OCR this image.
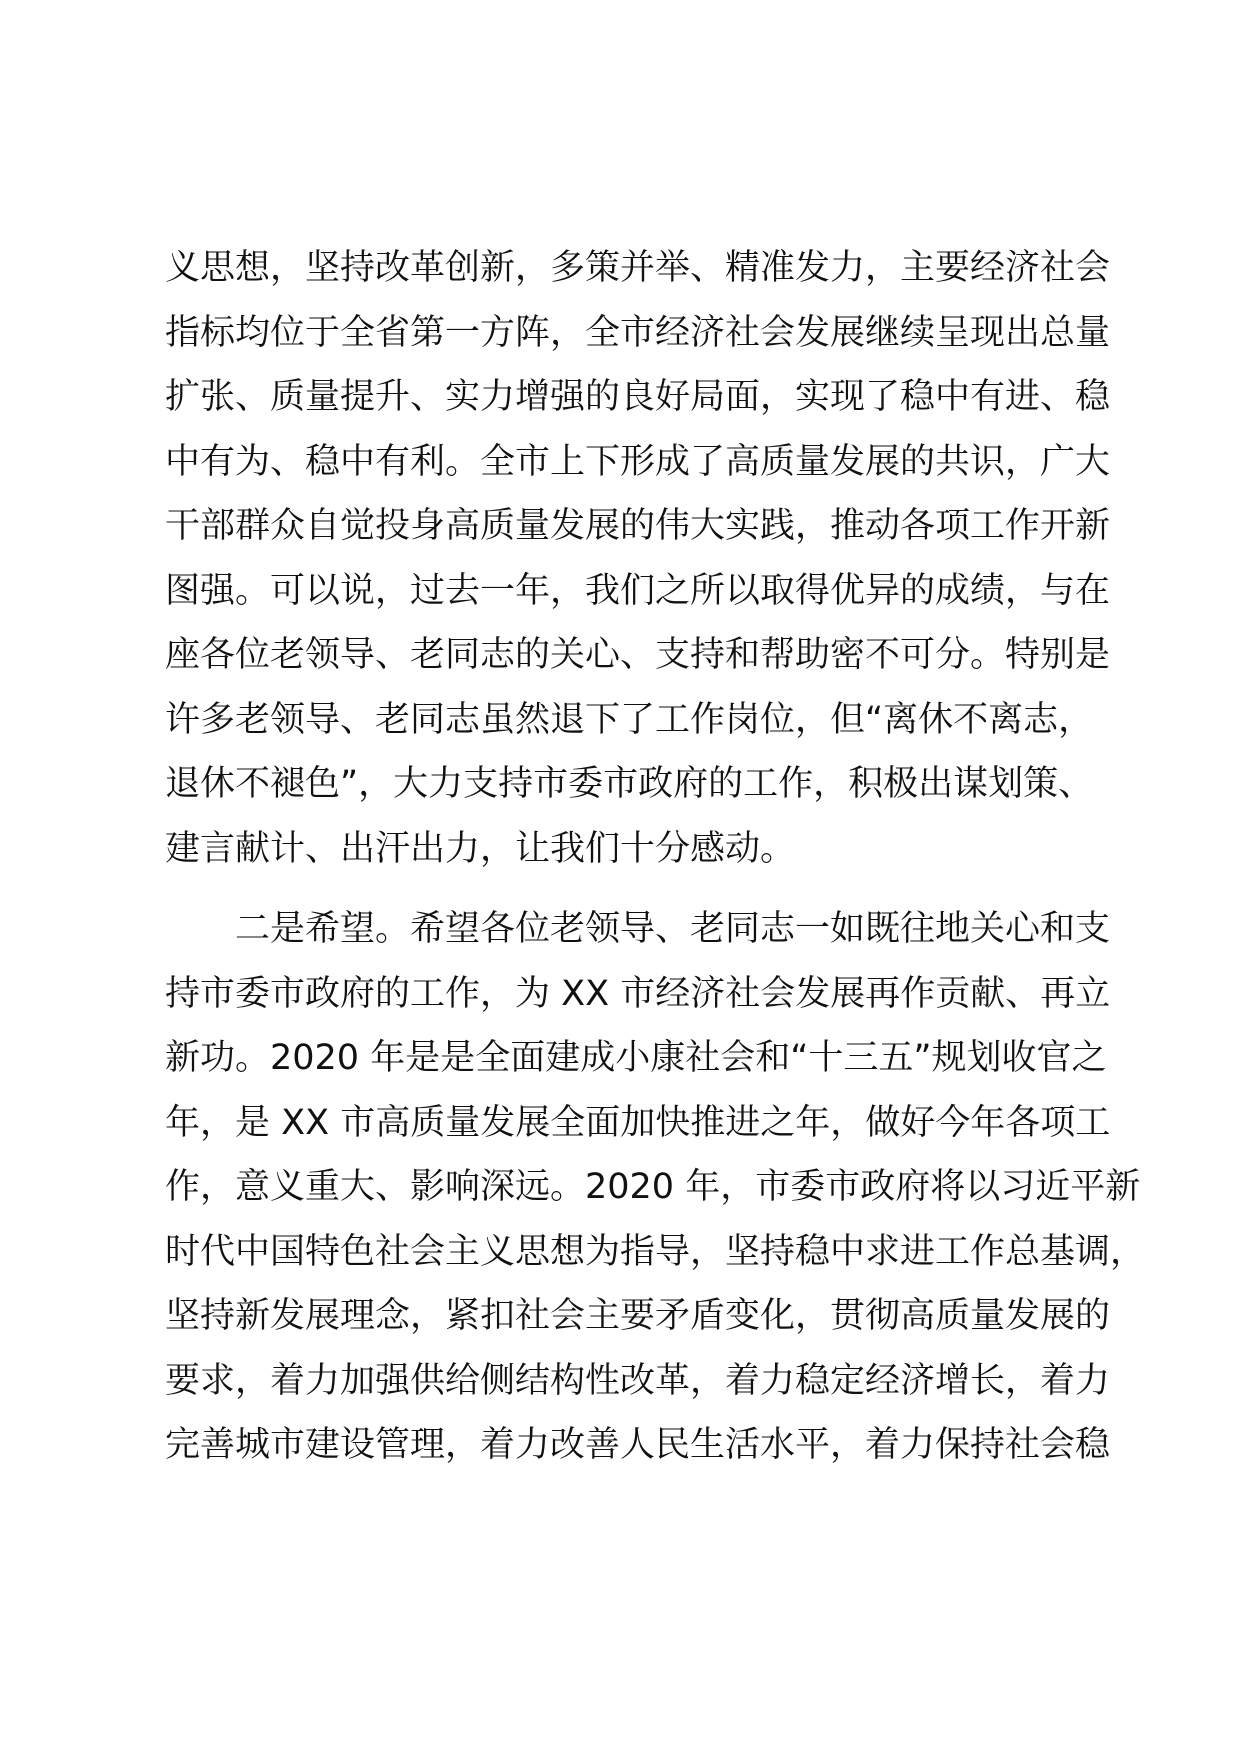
义思想，坚持改革创新，多策并举、精准发力，主要经济社会
指标均位于全省第一方阵，全市经济社会发展继续呈现出总量
扩张、质量提升、实力增强的良好局面，实现了稳中有进、稳
中有为、稳中有利。全市上下形成了高质量发展的共识，广大
干部群众自觉投身高质量发展的伟大实践，推动各项工作开新
图强。可以说，过去一年，我们之所以取得优异的成绩，与在
座各位老领导、老同志的关心、支持和帮助密不可分。特别是
许多老领导、老同志虽然退下了工作岗位，但“离休不离志，
退休不褪色”，大力支持市委市政府的工作，积极出谋划策、
建言献计、出汗出力，让我们十分感动。
　　二是希望。希望各位老领导、老同志一如既往地关心和支
持市委市政府的工作，为 XX 市经济社会发展再作贡献、再立
新功。2020 年是是全面建成小康社会和“十三五”规划收官之
年，是 XX 市高质量发展全面加快推进之年，做好今年各项工
作，意义重大、影响深远。2020 年，市委市政府将以习近平新
时代中国特色社会主义思想为指导，坚持稳中求进工作总基调，
坚持新发展理念，紧扣社会主要矛盾变化，贯彻高质量发展的
要求，着力加强供给侧结构性改革，着力稳定经济增长，着力
完善城市建设管理，着力改善人民生活水平，着力保持社会稳
